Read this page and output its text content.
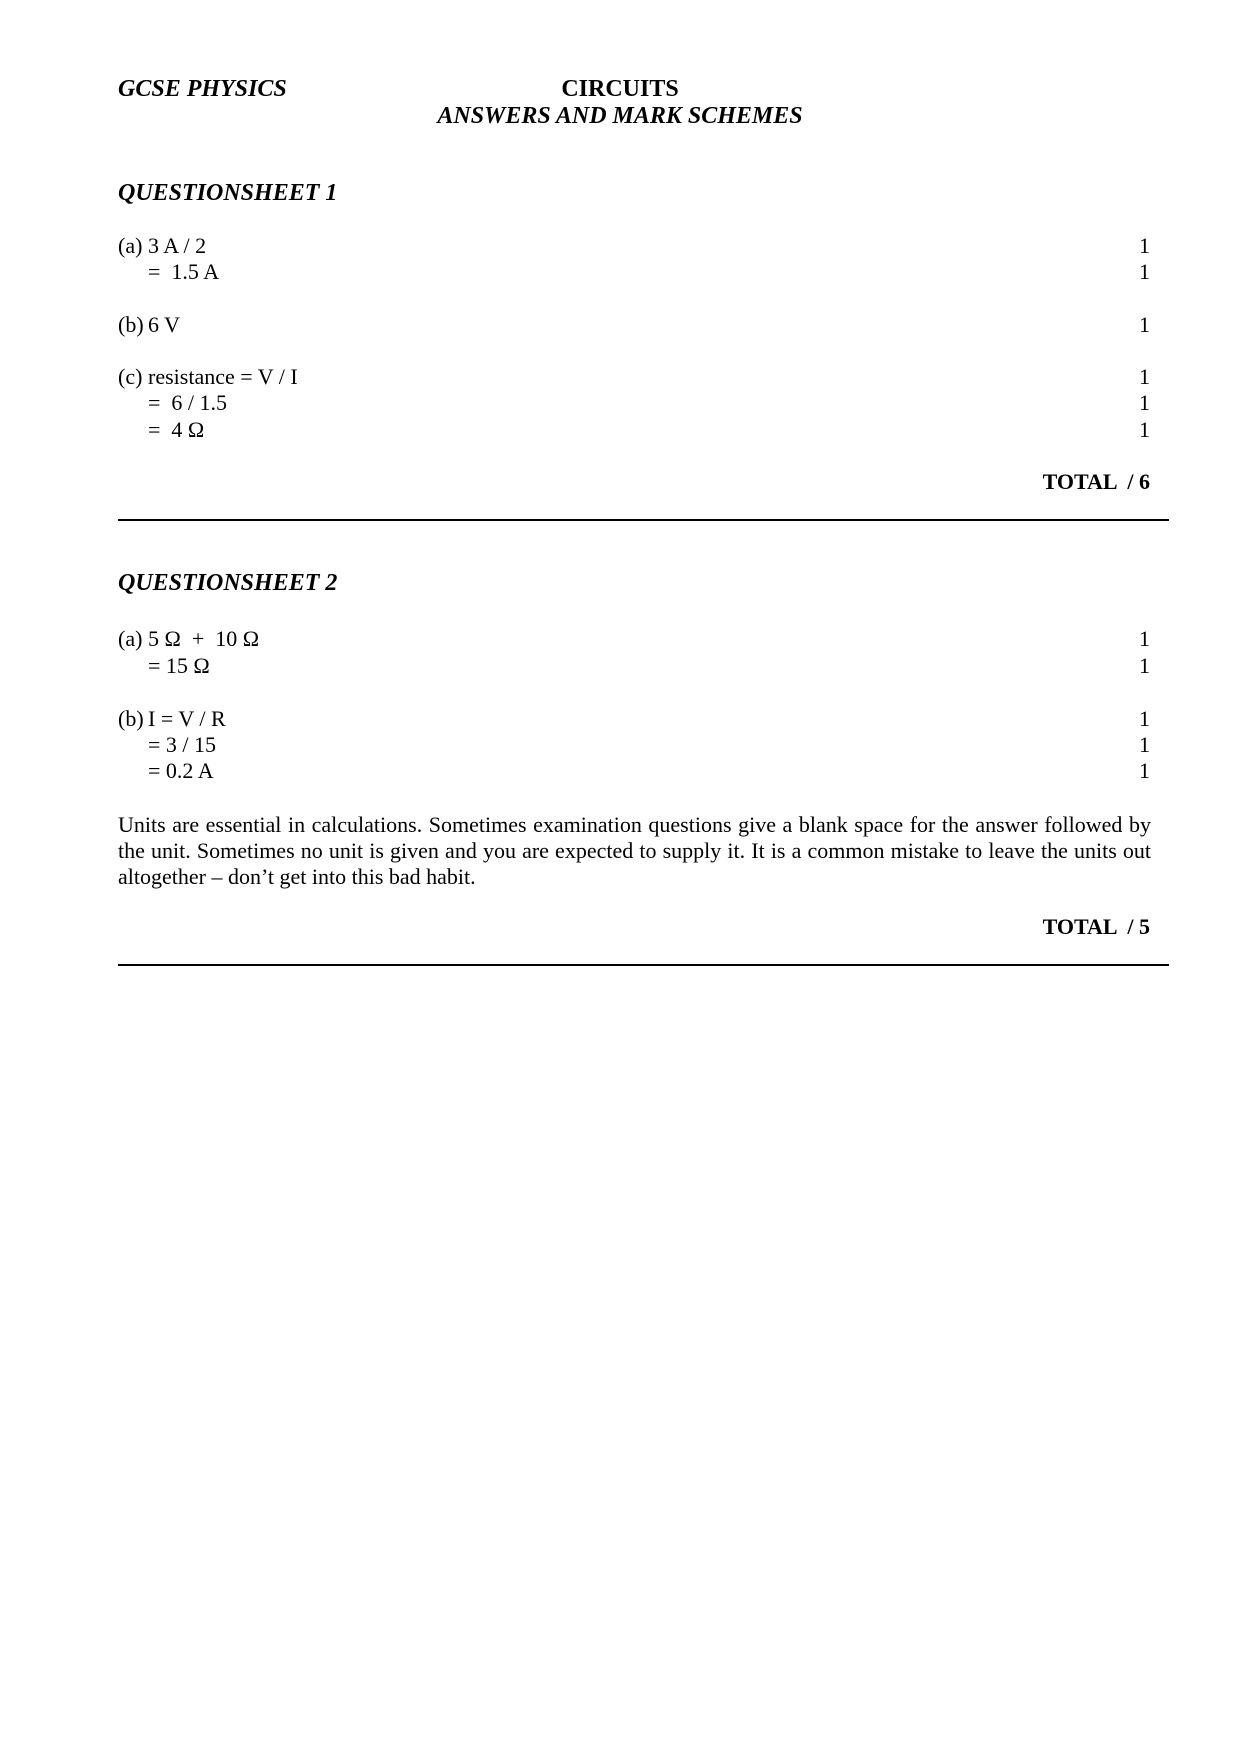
GCSE PHYSICS	CIRCUITS
ANSWERS AND MARK SCHEMES
QUESTIONSHEET 1
(a) 3 A / 2	1
=  1.5 A	1
(b) 6 V	1
(c) resistance = V / I	1
=  6 / 1.5	1
=  4 Ω	1
TOTAL  / 6
QUESTIONSHEET 2
(a) 5 Ω  +  10 Ω	1
= 15 Ω	1
(b) I = V / R	1
= 3 / 15	1
= 0.2 A	1
Units are essential in calculations. Sometimes examination questions give a blank space for the answer followed by the unit. Sometimes no unit is given and you are expected to supply it. It is a common mistake to leave the units out altogether – don’t get into this bad habit.
TOTAL  / 5
